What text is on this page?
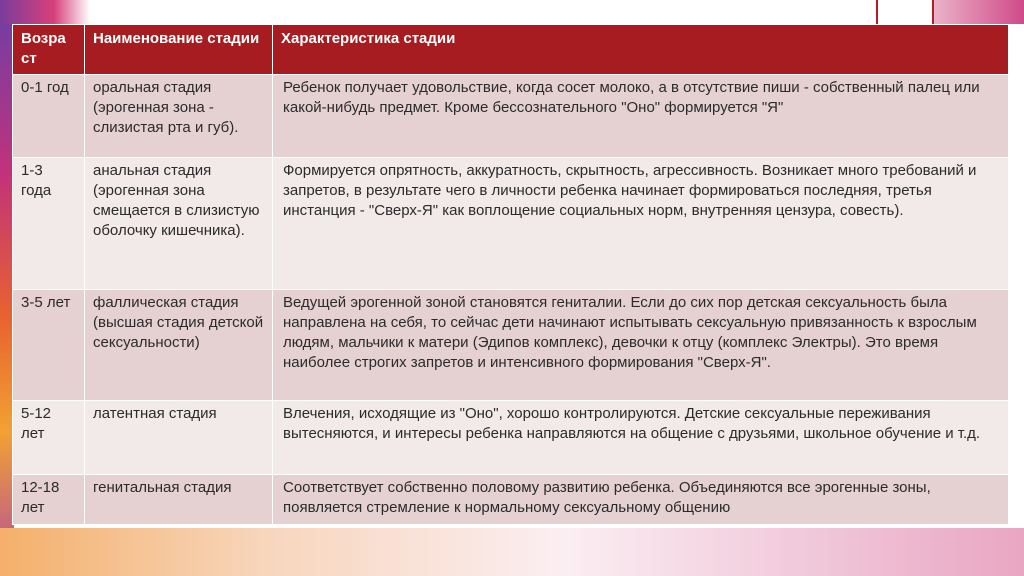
Возра ст	Наименование стадии	Характеристика стадии
0-1 год	оральная стадия (эрогенная зона - слизистая рта и губ).	Ребенок получает удовольствие, когда сосет молоко, а в отсутствие пиши - собственный палец или какой-нибудь предмет. Кроме бессознательного "Оно" формируется "Я"
1-3 года	анальная стадия (эрогенная зона смещается в слизистую оболочку кишечника).	Формируется опрятность, аккуратность, скрытность, агрессивность. Возникает много требований и запретов, в результате чего в личности ребенка начинает формироваться последняя, третья инстанция - "Сверх-Я" как воплощение социальных норм, внутренняя цензура, совесть).
3-5 лет	фаллическая стадия (высшая стадия детской сексуальности)	Ведущей эрогенной зоной становятся гениталии. Если до сих пор детская сексуальность была направлена на себя, то сейчас дети начинают испытывать сексуальную привязанность к взрослым людям, мальчики к матери (Эдипов комплекс), девочки к отцу (комплекс Электры). Это время наиболее строгих запретов и интенсивного формирования "Сверх-Я".
5-12 лет	латентная стадия	Влечения, исходящие из "Оно", хорошо контролируются. Детские сексуальные переживания вытесняются, и интересы ребенка направляются на общение с друзьями, школьное обучение и т.д.
12-18 лет	генитальная стадия	Соответствует собственно половому развитию ребенка. Объединяются все эрогенные зоны, появляется стремление к нормальному сексуальному общению
